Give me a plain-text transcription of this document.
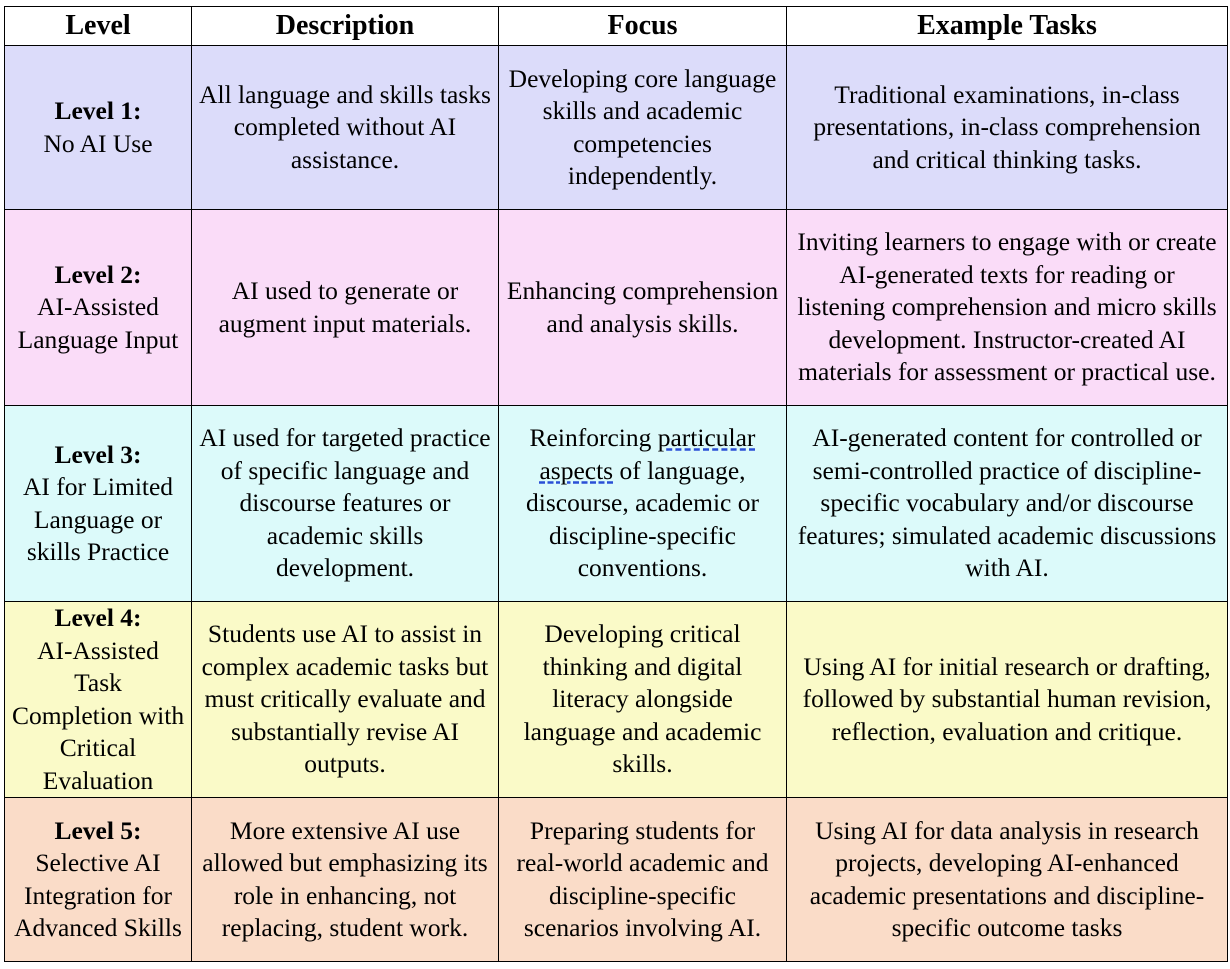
Level	Description	Focus	Example Tasks

Level 1:
No AI Use	All language and skills tasks completed without AI assistance.	Developing core language skills and academic competencies independently.	Traditional examinations, in-class presentations, in-class comprehension and critical thinking tasks.

Level 2:
AI-Assisted Language Input	AI used to generate or augment input materials.	Enhancing comprehension and analysis skills.	Inviting learners to engage with or create AI-generated texts for reading or listening comprehension and micro skills development. Instructor-created AI materials for assessment or practical use.

Level 3:
AI for Limited Language or skills Practice	AI used for targeted practice of specific language and discourse features or academic skills development.	Reinforcing particular aspects of language, discourse, academic or discipline-specific conventions.	AI-generated content for controlled or semi-controlled practice of discipline-specific vocabulary and/or discourse features; simulated academic discussions with AI.

Level 4:
AI-Assisted Task Completion with Critical Evaluation	Students use AI to assist in complex academic tasks but must critically evaluate and substantially revise AI outputs.	Developing critical thinking and digital literacy alongside language and academic skills.	Using AI for initial research or drafting, followed by substantial human revision, reflection, evaluation and critique.

Level 5:
Selective AI Integration for Advanced Skills	More extensive AI use allowed but emphasizing its role in enhancing, not replacing, student work.	Preparing students for real-world academic and discipline-specific scenarios involving AI.	Using AI for data analysis in research projects, developing AI-enhanced academic presentations and discipline-specific outcome tasks
